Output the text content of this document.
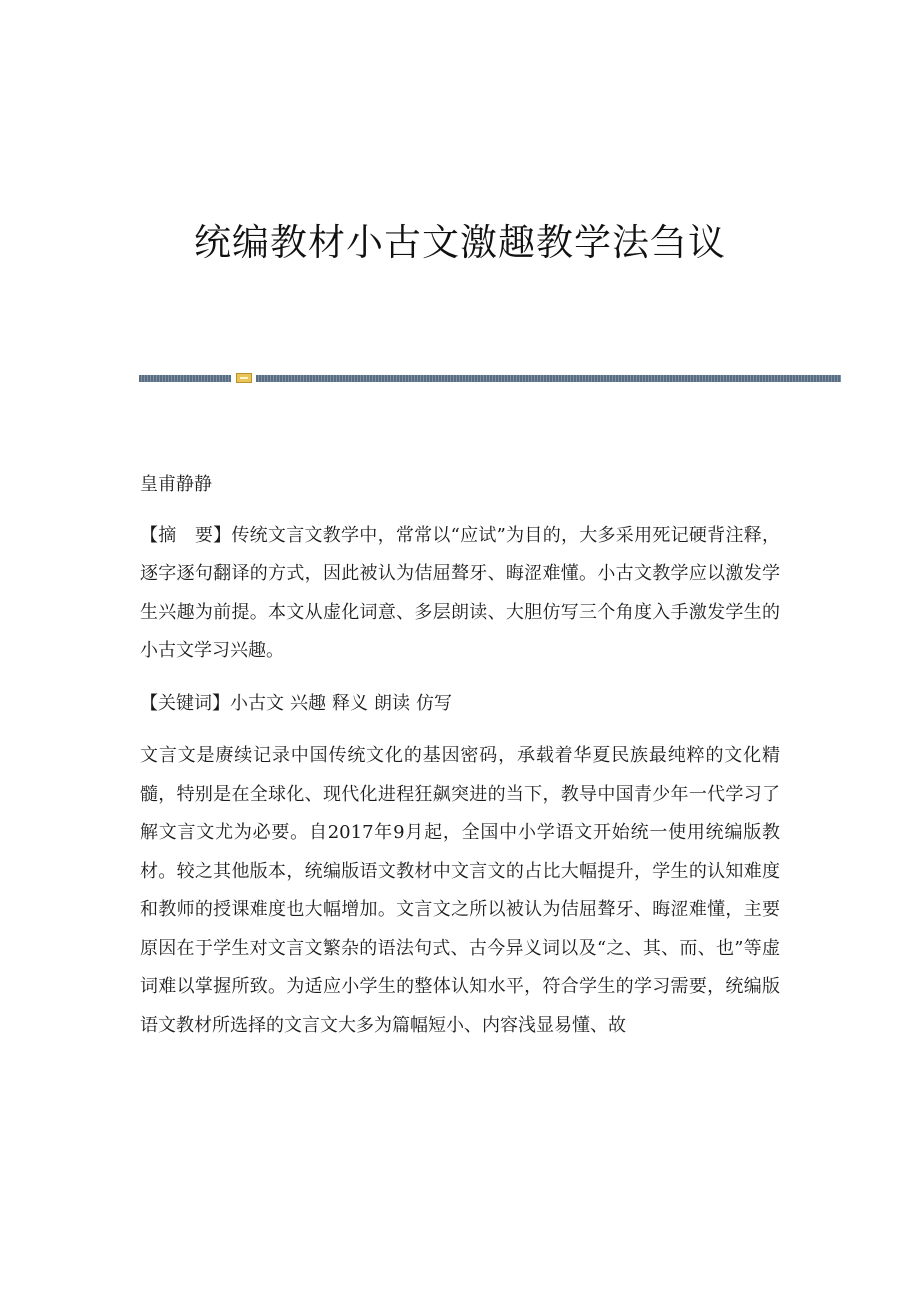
统编教材小古文激趣教学法刍议

皇甫静静

【摘　要】传统文言文教学中，常常以“应试”为目的，大多采用死记硬背注释，逐字逐句翻译的方式，因此被认为佶屈聱牙、晦涩难懂。小古文教学应以激发学生兴趣为前提。本文从虚化词意、多层朗读、大胆仿写三个角度入手激发学生的小古文学习兴趣。

【关键词】小古文 兴趣 释义 朗读 仿写

文言文是赓续记录中国传统文化的基因密码，承载着华夏民族最纯粹的文化精髓，特别是在全球化、现代化进程狂飙突进的当下，教导中国青少年一代学习了解文言文尤为必要。自2017年9月起，全国中小学语文开始统一使用统编版教材。较之其他版本，统编版语文教材中文言文的占比大幅提升，学生的认知难度和教师的授课难度也大幅增加。文言文之所以被认为佶屈聱牙、晦涩难懂，主要原因在于学生对文言文繁杂的语法句式、古今异义词以及“之、其、而、也”等虚词难以掌握所致。为适应小学生的整体认知水平，符合学生的学习需要，统编版语文教材所选择的文言文大多为篇幅短小、内容浅显易懂、故
